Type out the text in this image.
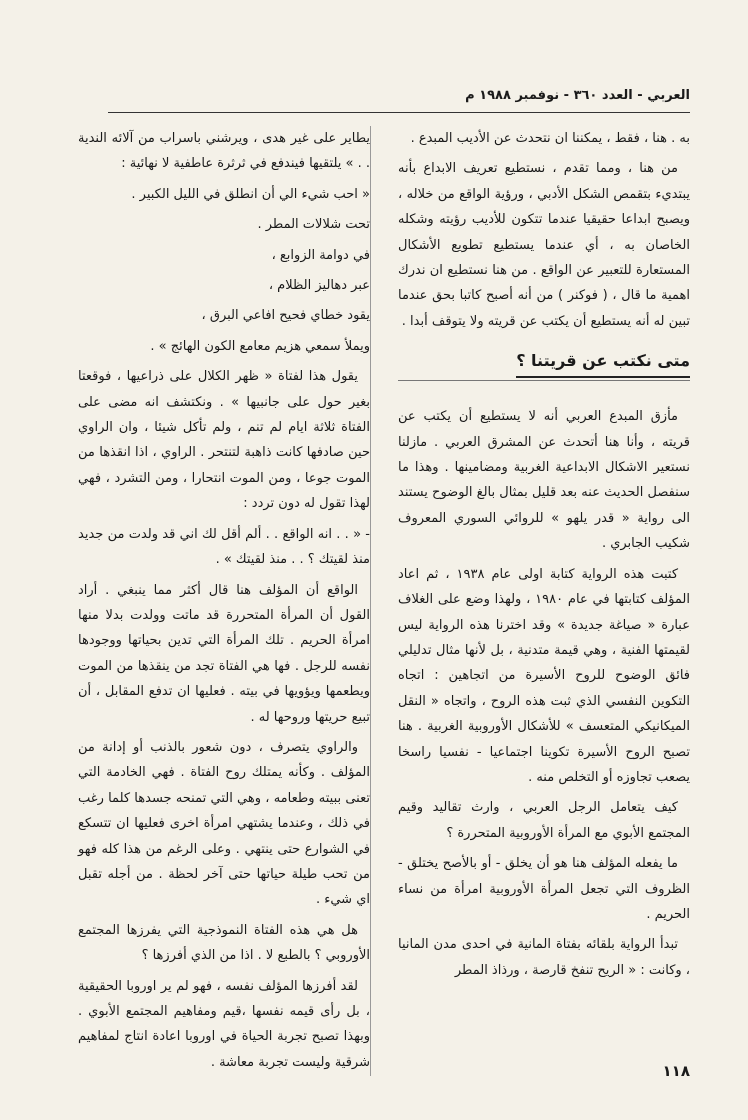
العربي - العدد ٣٦٠ - نوفمبر ١٩٨٨ م

به . هنا ، فقط ، يمكننا ان نتحدث عن الأديب المبدع .

من هنا ، ومما تقدم ، نستطيع تعريف الابداع بأنه يبتديء بتقمص الشكل الأدبي ، ورؤية الواقع من خلاله ، ويصبح ابداعا حقيقيا عندما تتكون للأديب رؤيته وشكله الخاصان به ، أي عندما يستطيع تطويع الأشكال المستعارة للتعبير عن الواقع . من هنا نستطيع ان ندرك اهمية ما قال ، ( فوكنر ) من أنه أصبح كاتبا بحق عندما تبين له أنه يستطيع أن يكتب عن قريته ولا يتوقف أبدا .

متى نكتب عن قريتنا ؟

مأزق المبدع العربي أنه لا يستطيع أن يكتب عن قريته ، وأنا هنا أتحدث عن المشرق العربي . مازلنا نستعير الاشكال الابداعية الغربية ومضامينها . وهذا ما سنفصل الحديث عنه بعد قليل بمثال بالغ الوضوح يستند الى رواية « قدر يلهو » للروائي السوري المعروف شكيب الجابري .

كتبت هذه الرواية كتابة اولى عام ١٩٣٨ ، ثم اعاد المؤلف كتابتها في عام ١٩٨٠ ، ولهذا وضع على الغلاف عبارة « صياغة جديدة » وقد اخترنا هذه الرواية ليس لقيمتها الفنية ، وهي قيمة متدنية ، بل لأنها مثال تدليلي فائق الوضوح للروح الأسيرة من اتجاهين : اتجاه التكوين النفسي الذي ثبت هذه الروح ، واتجاه « النقل الميكانيكي المتعسف » للأشكال الأوروبية الغربية . هنا تصبح الروح الأسيرة تكوينا اجتماعيا - نفسيا راسخا يصعب تجاوزه أو التخلص منه .

كيف يتعامل الرجل العربي ، وارث تقاليد وقيم المجتمع الأبوي مع المرأة الأوروبية المتحررة ؟

ما يفعله المؤلف هنا هو أن يخلق - أو بالأصح يختلق - الظروف التي تجعل المرأة الأوروبية امرأة من نساء الحريم .

تبدأ الرواية بلقائه بفتاة المانية في احدى مدن المانيا ، وكانت : « الريح تنفخ قارصة ، ورذاذ المطر

يطاير على غير هدى ، ويرشني باسراب من آلائه الندية . . » يلتقيها فيندفع في ثرثرة عاطفية لا نهائية :

« احب شيء الي أن انطلق في الليل الكبير .

تحت شلالات المطر .

في دوامة الزوابع ،

عبر دهاليز الظلام ،

يقود خطاي فحيح افاعي البرق ،

ويملأ سمعي هزيم معامع الكون الهائج » .

يقول هذا لفتاة « ظهر الكلال على ذراعيها ، فوقعتا بغير حول على جانبيها » . ونكتشف انه مضى على الفتاة ثلاثة ايام لم تنم ، ولم تأكل شيئا ، وان الراوي حين صادفها كانت ذاهبة لتنتحر . الراوي ، اذا انقذها من الموت جوعا ، ومن الموت انتحارا ، ومن التشرد ، فهي لهذا تقول له دون تردد :

- « . . انه الواقع . . ألم أقل لك اني قد ولدت من جديد منذ لقيتك ؟ . . منذ لقيتك » .

الواقع أن المؤلف هنا قال أكثر مما ينبغي . أراد القول أن المرأة المتحررة قد ماتت وولدت بدلا منها امرأة الحريم . تلك المرأة التي تدين بحياتها ووجودها نفسه للرجل . فها هي الفتاة تجد من ينقذها من الموت ويطعمها ويؤويها في بيته . فعليها ان تدفع المقابل ، أن تبيع حريتها وروحها له .

والراوي يتصرف ، دون شعور بالذنب أو إدانة من المؤلف . وكأنه يمتلك روح الفتاة . فهي الخادمة التي تعنى ببيته وطعامه ، وهي التي تمنحه جسدها كلما رغب في ذلك ، وعندما يشتهي امرأة اخرى فعليها ان تتسكع في الشوارع حتى ينتهي . وعلى الرغم من هذا كله فهو من تحب طيلة حياتها حتى آخر لحظة . من أجله تقبل اي شيء .

هل هي هذه الفتاة النموذجية التي يفرزها المجتمع الأوروبي ؟ بالطبع لا . اذا من الذي أفرزها ؟

لقد أفرزها المؤلف نفسه ، فهو لم ير اوروبا الحقيقية ، بل رأى قيمه نفسها ،قيم ومفاهيم المجتمع الأبوي . وبهذا تصبح تجربة الحياة في اوروبا اعادة انتاج لمفاهيم شرقية وليست تجربة معاشة .	١١٨
